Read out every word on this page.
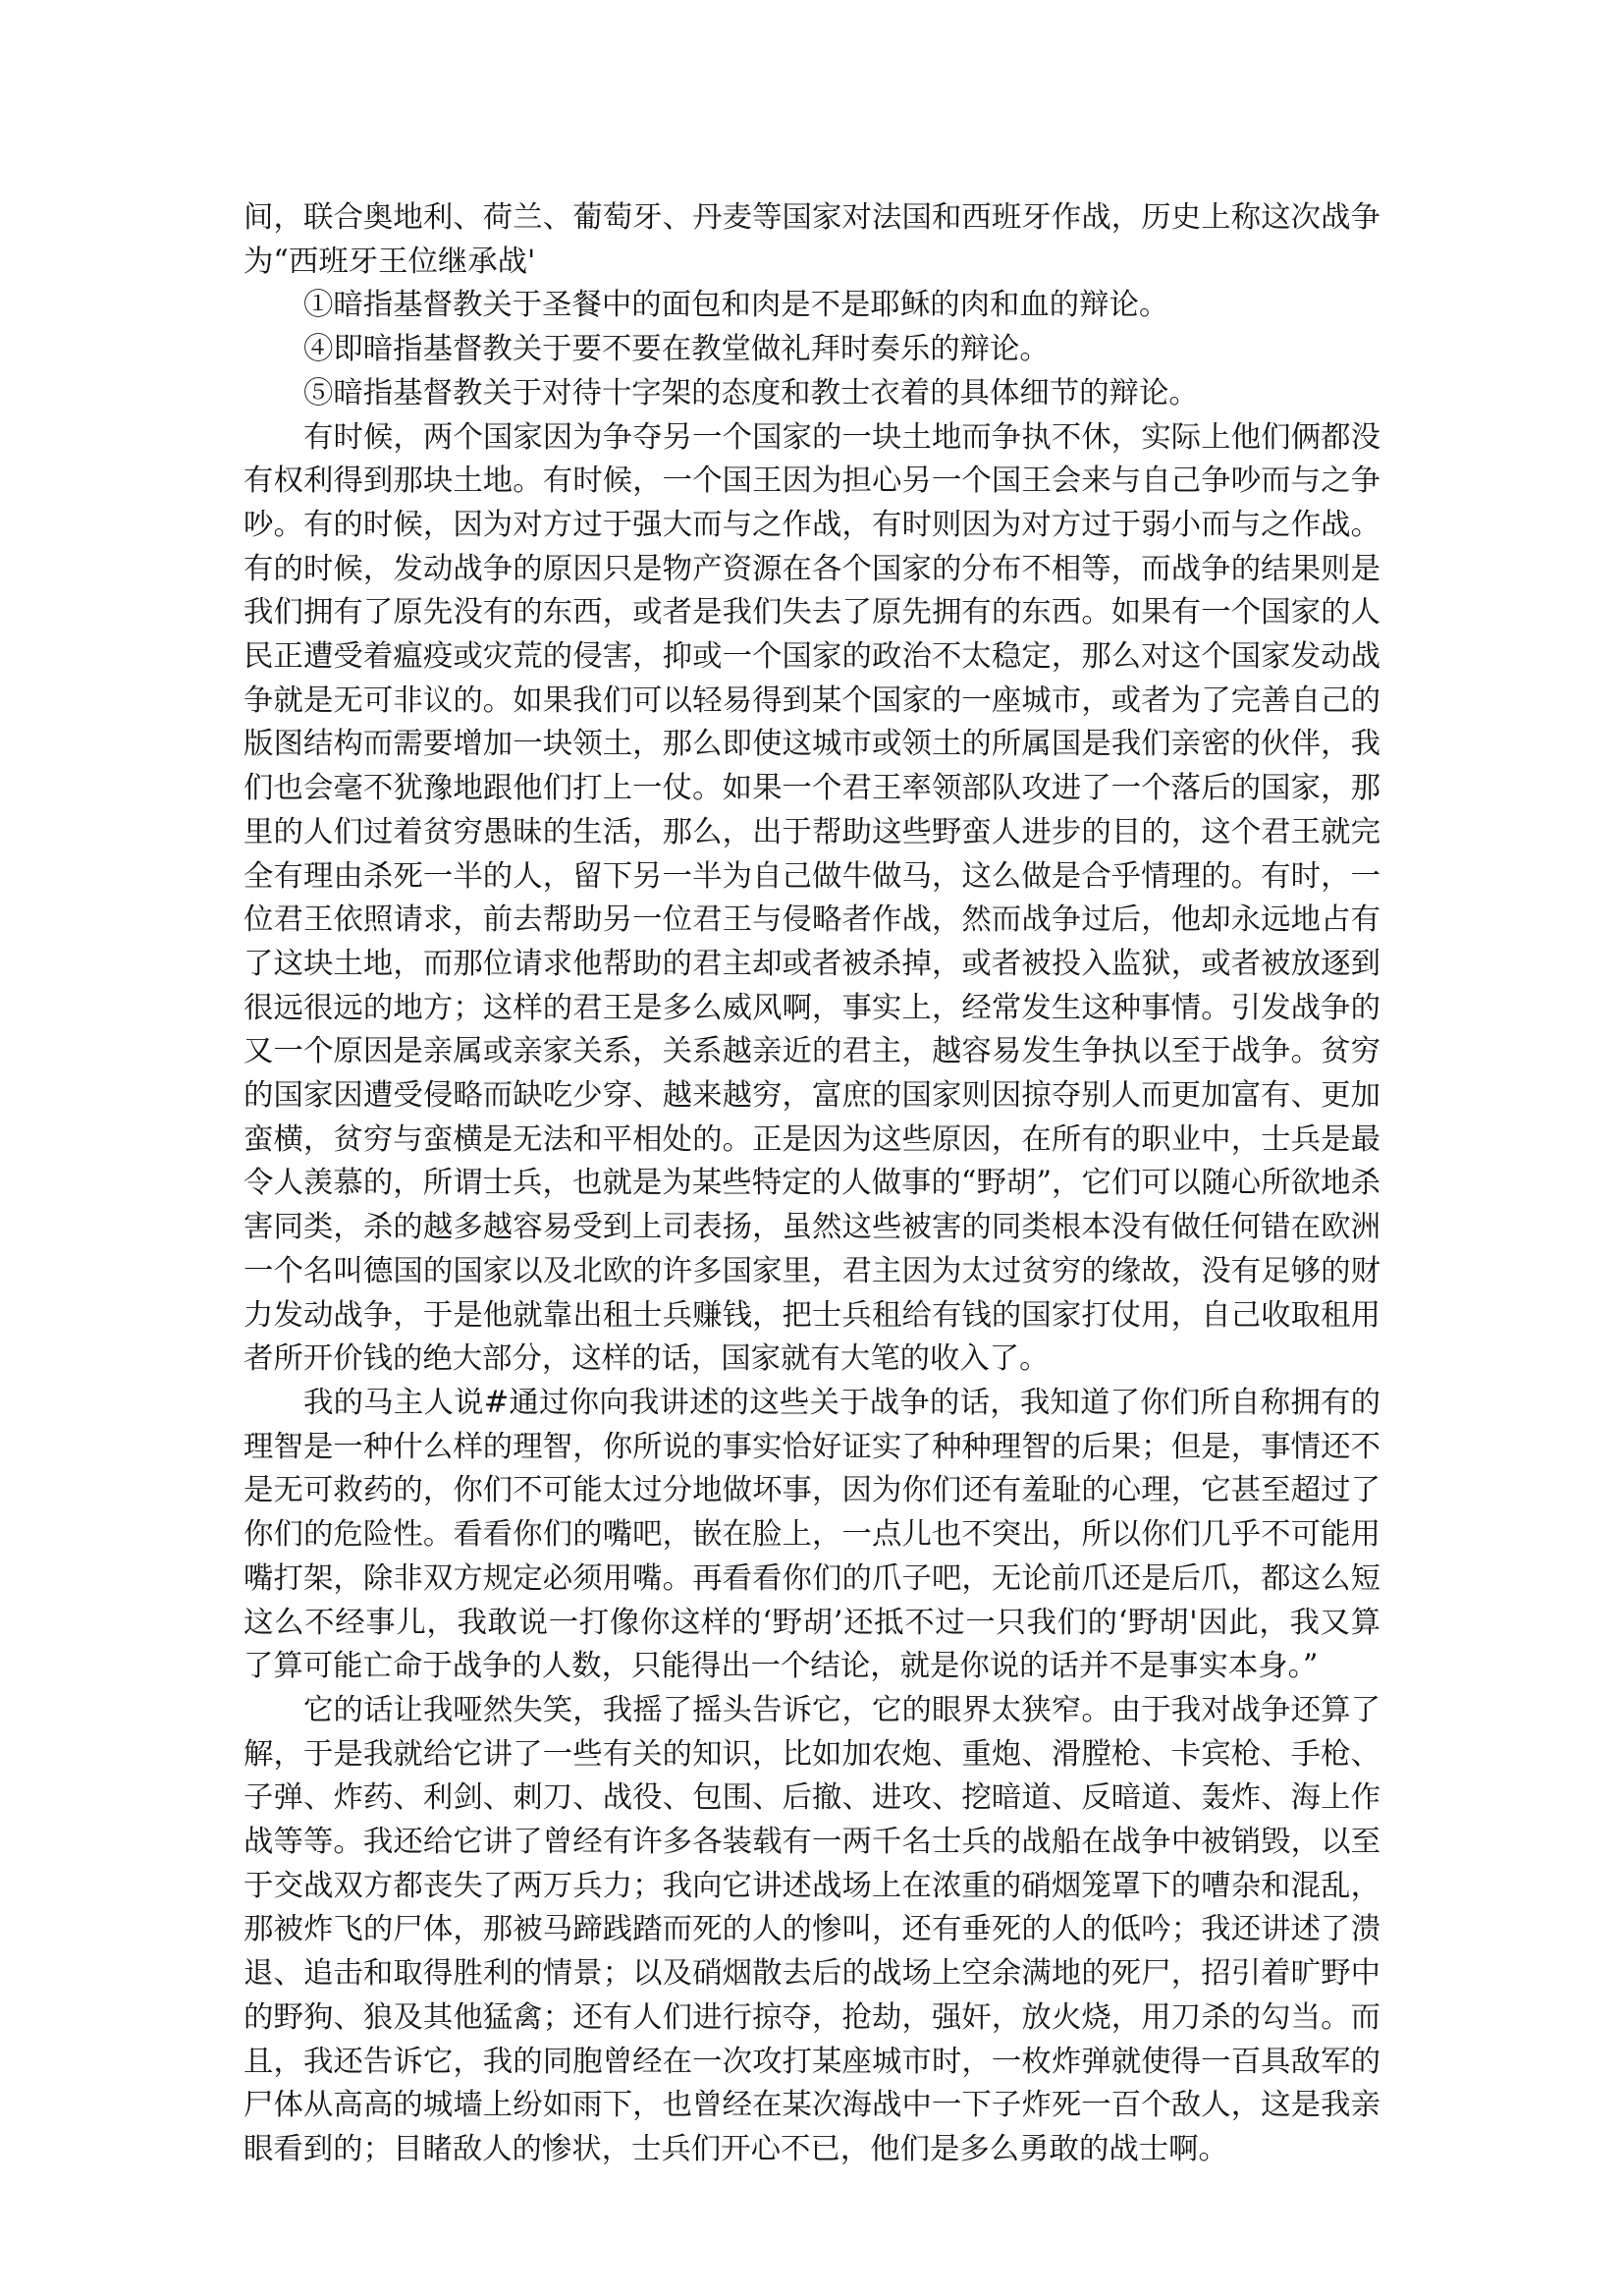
间，联合奥地利、荷兰、葡萄牙、丹麦等国家对法国和西班牙作战，历史上称这次战争为“西班牙王位继承战'

①暗指基督教关于圣餐中的面包和肉是不是耶稣的肉和血的辩论。

④即暗指基督教关于要不要在教堂做礼拜时奏乐的辩论。

⑤暗指基督教关于对待十字架的态度和教士衣着的具体细节的辩论。

有时候，两个国家因为争夺另一个国家的一块土地而争执不休，实际上他们俩都没有权利得到那块土地。有时候，一个国王因为担心另一个国王会来与自己争吵而与之争吵。有的时候，因为对方过于强大而与之作战，有时则因为对方过于弱小而与之作战。有的时候，发动战争的原因只是物产资源在各个国家的分布不相等，而战争的结果则是我们拥有了原先没有的东西，或者是我们失去了原先拥有的东西。如果有一个国家的人民正遭受着瘟疫或灾荒的侵害，抑或一个国家的政治不太稳定，那么对这个国家发动战争就是无可非议的。如果我们可以轻易得到某个国家的一座城市，或者为了完善自己的版图结构而需要增加一块领土，那么即使这城市或领土的所属国是我们亲密的伙伴，我们也会毫不犹豫地跟他们打上一仗。如果一个君王率领部队攻进了一个落后的国家，那里的人们过着贫穷愚昧的生活，那么，出于帮助这些野蛮人进步的目的，这个君王就完全有理由杀死一半的人，留下另一半为自己做牛做马，这么做是合乎情理的。有时，一位君王依照请求，前去帮助另一位君王与侵略者作战，然而战争过后，他却永远地占有了这块土地，而那位请求他帮助的君主却或者被杀掉，或者被投入监狱，或者被放逐到很远很远的地方；这样的君王是多么威风啊，事实上，经常发生这种事情。引发战争的又一个原因是亲属或亲家关系，关系越亲近的君主，越容易发生争执以至于战争。贫穷的国家因遭受侵略而缺吃少穿、越来越穷，富庶的国家则因掠夺别人而更加富有、更加蛮横，贫穷与蛮横是无法和平相处的。正是因为这些原因，在所有的职业中，士兵是最令人羡慕的，所谓士兵，也就是为某些特定的人做事的“野胡”，它们可以随心所欲地杀害同类，杀的越多越容易受到上司表扬，虽然这些被害的同类根本没有做任何错在欧洲一个名叫德国的国家以及北欧的许多国家里，君主因为太过贫穷的缘故，没有足够的财力发动战争，于是他就靠出租士兵赚钱，把士兵租给有钱的国家打仗用，自己收取租用者所开价钱的绝大部分，这样的话，国家就有大笔的收入了。

我的马主人说#通过你向我讲述的这些关于战争的话，我知道了你们所自称拥有的理智是一种什么样的理智，你所说的事实恰好证实了种种理智的后果；但是，事情还不是无可救药的，你们不可能太过分地做坏事，因为你们还有羞耻的心理，它甚至超过了你们的危险性。看看你们的嘴吧，嵌在脸上，一点儿也不突出，所以你们几乎不可能用嘴打架，除非双方规定必须用嘴。再看看你们的爪子吧，无论前爪还是后爪，都这么短这么不经事儿，我敢说一打像你这样的‘野胡’还抵不过一只我们的‘野胡'因此，我又算了算可能亡命于战争的人数，只能得出一个结论，就是你说的话并不是事实本身。”

它的话让我哑然失笑，我摇了摇头告诉它，它的眼界太狭窄。由于我对战争还算了解，于是我就给它讲了一些有关的知识，比如加农炮、重炮、滑膛枪、卡宾枪、手枪、子弹、炸药、利剑、刺刀、战役、包围、后撤、进攻、挖暗道、反暗道、轰炸、海上作战等等。我还给它讲了曾经有许多各装载有一两千名士兵的战船在战争中被销毁，以至于交战双方都丧失了两万兵力；我向它讲述战场上在浓重的硝烟笼罩下的嘈杂和混乱，那被炸飞的尸体，那被马蹄践踏而死的人的惨叫，还有垂死的人的低吟；我还讲述了溃退、追击和取得胜利的情景；以及硝烟散去后的战场上空余满地的死尸，招引着旷野中的野狗、狼及其他猛禽；还有人们进行掠夺，抢劫，强奸，放火烧，用刀杀的勾当。而且，我还告诉它，我的同胞曾经在一次攻打某座城市时，一枚炸弹就使得一百具敌军的尸体从高高的城墙上纷如雨下，也曾经在某次海战中一下子炸死一百个敌人，这是我亲眼看到的；目睹敌人的惨状，士兵们开心不已，他们是多么勇敢的战士啊。
